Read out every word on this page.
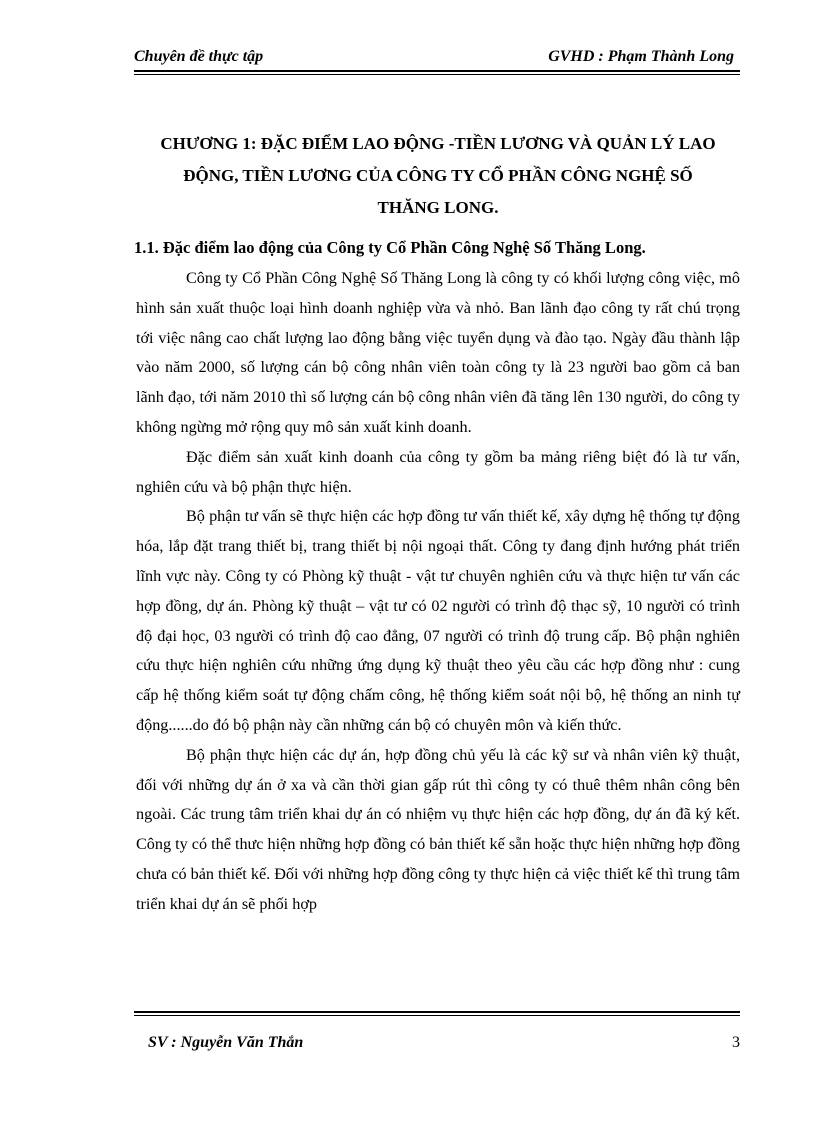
Chuyên đề thực tập	GVHD : Phạm Thành Long
CHƯƠNG 1: ĐẶC ĐIỂM LAO ĐỘNG -TIỀN LƯƠNG VÀ QUẢN LÝ LAO
ĐỘNG, TIỀN LƯƠNG CỦA CÔNG TY CỔ PHẦN CÔNG NGHỆ SỐ
THĂNG LONG.
1.1. Đặc điểm lao động của Công ty Cổ Phần Công Nghệ Số Thăng Long.

Công ty Cổ Phần Công Nghệ Số Thăng Long là công ty có khối lượng công việc, mô hình sản xuất thuộc loại hình doanh nghiệp vừa và nhỏ. Ban lãnh đạo công ty rất chú trọng tới việc nâng cao chất lượng lao động bằng việc tuyển dụng và đào tạo. Ngày đầu thành lập vào năm 2000, số lượng cán bộ công nhân viên toàn công ty là 23 người bao gồm cả ban lãnh đạo, tới năm 2010 thì số lượng cán bộ công nhân viên đã tăng lên 130 người, do công ty không ngừng mở rộng quy mô sản xuất kinh doanh.

Đặc điểm sản xuất kinh doanh của công ty gồm ba mảng riêng biệt đó là tư vấn, nghiên cứu và bộ phận thực hiện.

Bộ phận tư vấn sẽ thực hiện các hợp đồng tư vấn thiết kế, xây dựng hệ thống tự động hóa, lắp đặt trang thiết bị, trang thiết bị nội ngoại thất. Công ty đang định hướng phát triển lĩnh vực này. Công ty có Phòng kỹ thuật - vật tư chuyên nghiên cứu và thực hiện tư vấn các hợp đồng, dự án. Phòng kỹ thuật – vật tư có 02 người có trình độ thạc sỹ, 10 người có trình độ đại học, 03 người có trình độ cao đẳng, 07 người có trình độ trung cấp. Bộ phận nghiên cứu thực hiện nghiên cứu những ứng dụng kỹ thuật theo yêu cầu các hợp đồng như : cung cấp hệ thống kiểm soát tự động chấm công, hệ thống kiểm soát nội bộ, hệ thống an ninh tự động......do đó bộ phận này cần những cán bộ có chuyên môn và kiến thức.

Bộ phận thực hiện các dự án, hợp đồng chủ yếu là các kỹ sư và nhân viên kỹ thuật, đối với những dự án ở xa và cần thời gian gấp rút thì công ty có thuê thêm nhân công bên ngoài. Các trung tâm triển khai dự án có nhiệm vụ thực hiện các hợp đồng, dự án đã ký kết. Công ty có thể thưc hiện những hợp đồng có bản thiết kế sẵn hoặc thực hiện những hợp đồng chưa có bản thiết kế. Đối với những hợp đồng công ty thực hiện cả việc thiết kế thì trung tâm triển khai dự án sẽ phối hợp

SV : Nguyễn Văn Thắn	3
